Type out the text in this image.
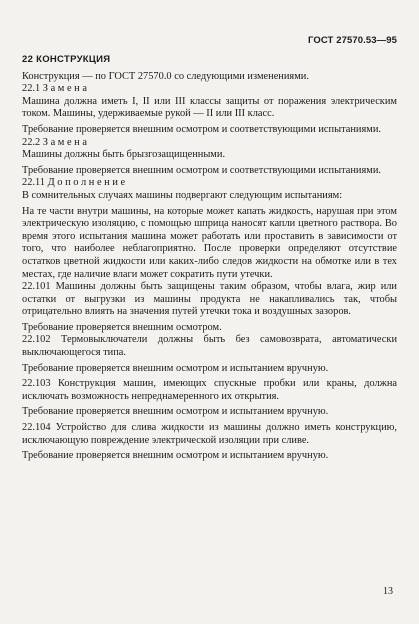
ГОСТ 27570.53—95
22 КОНСТРУКЦИЯ

Конструкция — по ГОСТ 27570.0 со следующими изменениями.

22.1 З а м е н а

Машина должна иметь I, II или III классы защиты от поражения электрическим током. Машины, удерживаемые рукой — II или III класс.

Требование проверяется внешним осмотром и соответствующими испытаниями.

22.2 З а м е н а

Машины должны быть брызгозащищенными.

Требование проверяется внешним осмотром и соответствующими испытаниями.

22.11 Д о п о л н е н и е

В сомнительных случаях машины подвергают следующим испытаниям:

На те части внутри машины, на которые может капать жидкость, нарушая при этом электрическую изоляцию, с помощью шприца наносят капли цветного раствора. Во время этого испытания машина может работать или проставить в зависимости от того, что наиболее неблагоприятно. После проверки определяют отсутствие остатков цветной жидкости или каких-либо следов жидкости на обмотке или в тех местах, где наличие влаги может сократить пути утечки.

22.101 Машины должны быть защищены таким образом, чтобы влага, жир или остатки от выгрузки из машины продукта не накапливались так, чтобы отрицательно влиять на значения путей утечки тока и воздушных зазоров.

Требование проверяется внешним осмотром.

22.102 Термовыключатели должны быть без самовозврата, автоматически выключающегося типа.

Требование проверяется внешним осмотром и испытанием вручную.

22.103 Конструкция машин, имеющих спускные пробки или краны, должна исключать возможность непреднамеренного их открытия.

Требование проверяется внешним осмотром и испытанием вручную.

22.104 Устройство для слива жидкости из машины должно иметь конструкцию, исключающую повреждение электрической изоляции при сливе.

Требование проверяется внешним осмотром и испытанием вручную.

13
